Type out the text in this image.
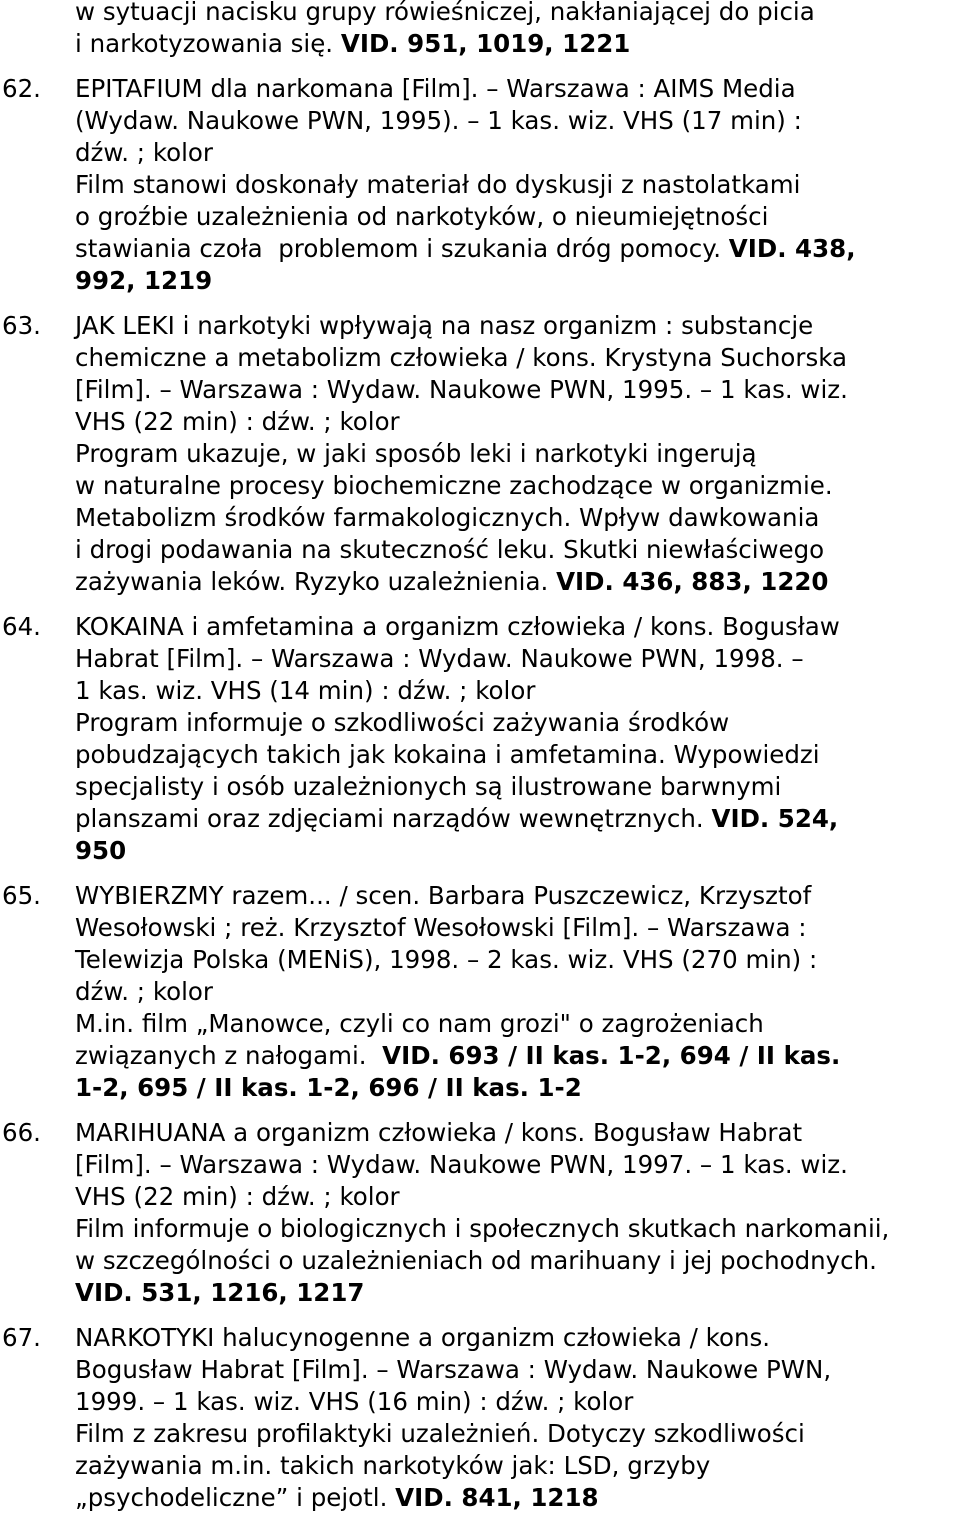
w sytuacji nacisku grupy rówieśniczej, nakłaniającej do picia
i narkotyzowania się. VID. 951, 1019, 1221
62.	EPITAFIUM dla narkomana [Film]. – Warszawa : AIMS Media
(Wydaw. Naukowe PWN, 1995). – 1 kas. wiz. VHS (17 min) :
dźw. ; kolor
Film stanowi doskonały materiał do dyskusji z nastolatkami
o groźbie uzależnienia od narkotyków, o nieumiejętności
stawiania czoła  problemom i szukania dróg pomocy. VID. 438,
992, 1219
63.	JAK LEKI i narkotyki wpływają na nasz organizm : substancje
chemiczne a metabolizm człowieka / kons. Krystyna Suchorska
[Film]. – Warszawa : Wydaw. Naukowe PWN, 1995. – 1 kas. wiz.
VHS (22 min) : dźw. ; kolor
Program ukazuje, w jaki sposób leki i narkotyki ingerują
w naturalne procesy biochemiczne zachodzące w organizmie.
Metabolizm środków farmakologicznych. Wpływ dawkowania
i drogi podawania na skuteczność leku. Skutki niewłaściwego
zażywania leków. Ryzyko uzależnienia. VID. 436, 883, 1220
64.	KOKAINA i amfetamina a organizm człowieka / kons. Bogusław
Habrat [Film]. – Warszawa : Wydaw. Naukowe PWN, 1998. –
1 kas. wiz. VHS (14 min) : dźw. ; kolor
Program informuje o szkodliwości zażywania środków
pobudzających takich jak kokaina i amfetamina. Wypowiedzi
specjalisty i osób uzależnionych są ilustrowane barwnymi
planszami oraz zdjęciami narządów wewnętrznych. VID. 524,
950
65.	WYBIERZMY razem... / scen. Barbara Puszczewicz, Krzysztof
Wesołowski ; reż. Krzysztof Wesołowski [Film]. – Warszawa :
Telewizja Polska (MENiS), 1998. – 2 kas. wiz. VHS (270 min) :
dźw. ; kolor
M.in. film „Manowce, czyli co nam grozi" o zagrożeniach
związanych z nałogami.  VID. 693 / II kas. 1-2, 694 / II kas.
1-2, 695 / II kas. 1-2, 696 / II kas. 1-2
66.	MARIHUANA a organizm człowieka / kons. Bogusław Habrat
[Film]. – Warszawa : Wydaw. Naukowe PWN, 1997. – 1 kas. wiz.
VHS (22 min) : dźw. ; kolor
Film informuje o biologicznych i społecznych skutkach narkomanii,
w szczególności o uzależnieniach od marihuany i jej pochodnych.
VID. 531, 1216, 1217
67.	NARKOTYKI halucynogenne a organizm człowieka / kons.
Bogusław Habrat [Film]. – Warszawa : Wydaw. Naukowe PWN,
1999. – 1 kas. wiz. VHS (16 min) : dźw. ; kolor
Film z zakresu profilaktyki uzależnień. Dotyczy szkodliwości
zażywania m.in. takich narkotyków jak: LSD, grzyby
„psychodeliczne” i pejotl. VID. 841, 1218
